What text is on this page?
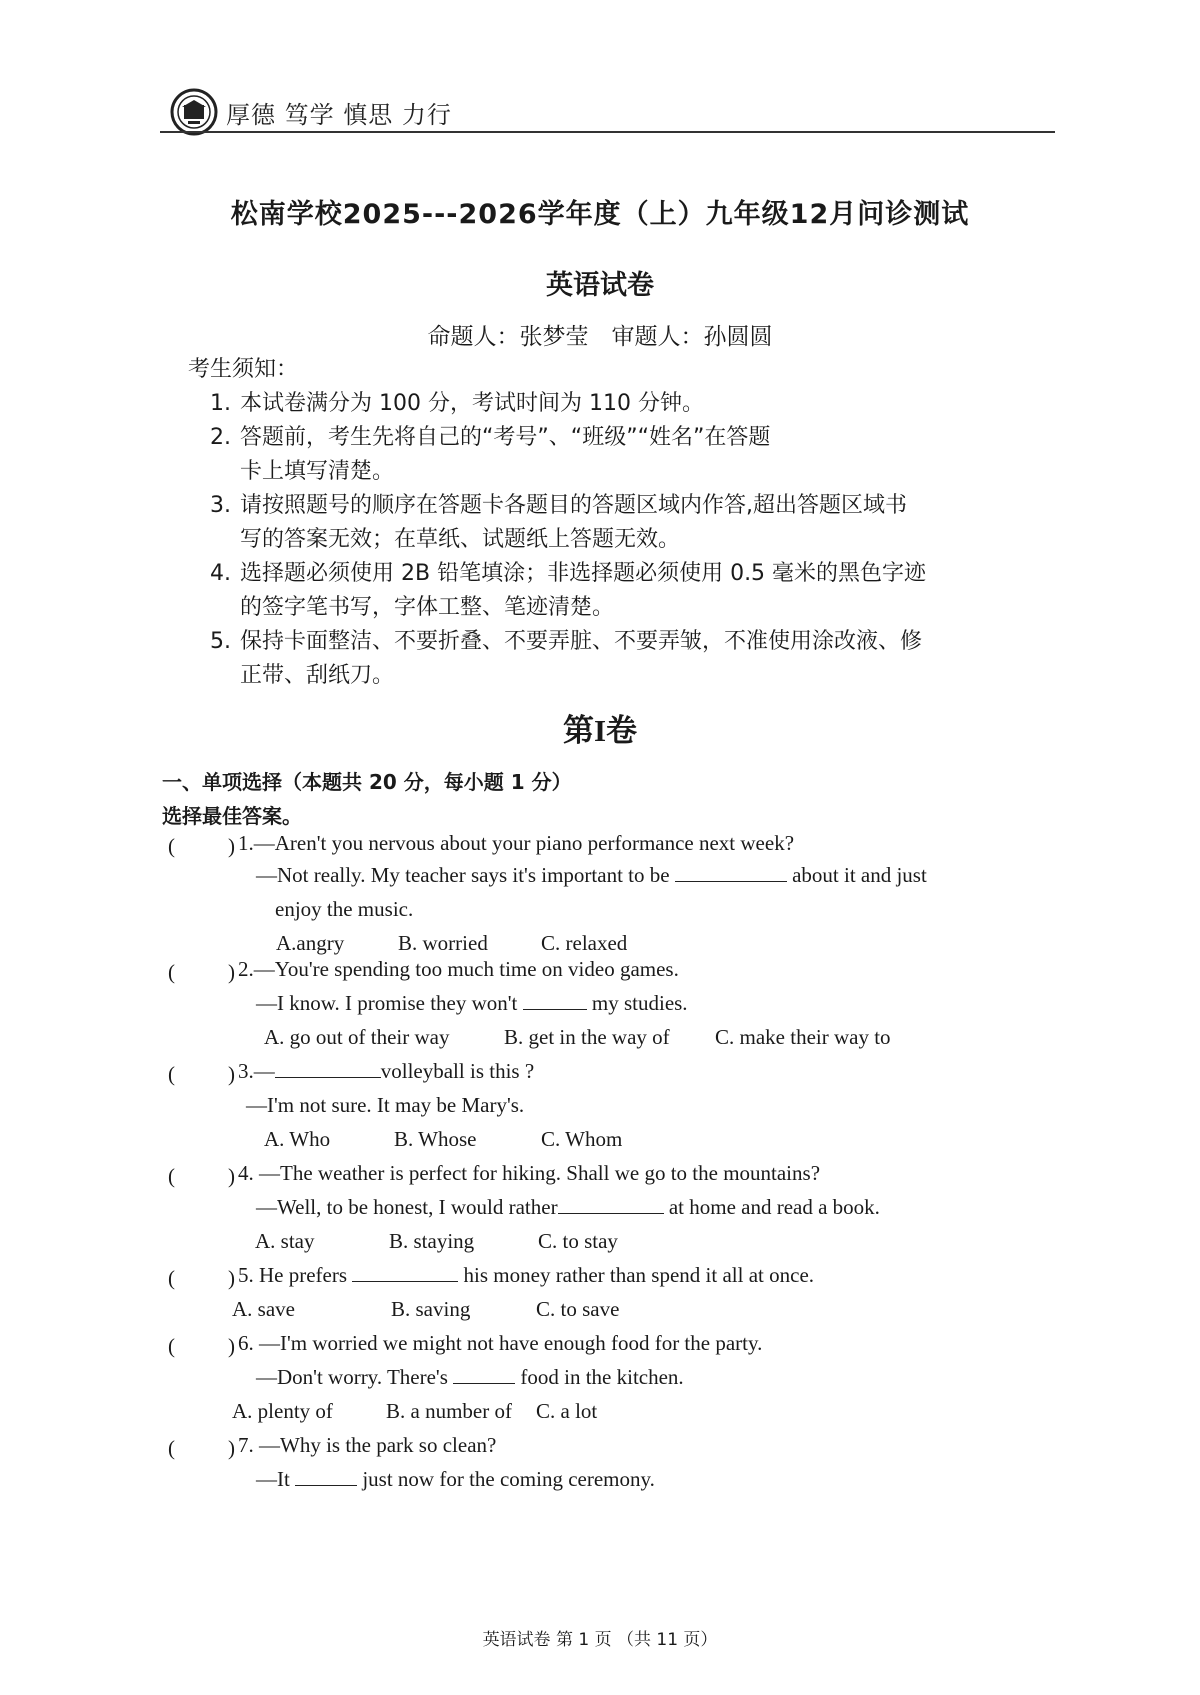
厚德 笃学 慎思 力行
松南学校2025---2026学年度（上）九年级12月问诊测试
英语试卷
命题人：张梦莹　审题人：孙圆圆
考生须知：
1. 本试卷满分为 100 分，考试时间为 110 分钟。
2. 答题前，考生先将自己的“考号”、“班级”“姓名”在答题
卡上填写清楚。
3. 请按照题号的顺序在答题卡各题目的答题区域内作答,超出答题区域书
写的答案无效；在草纸、试题纸上答题无效。
4. 选择题必须使用 2B 铅笔填涂；非选择题必须使用 0.5 毫米的黑色字迹
的签字笔书写，字体工整、笔迹清楚。
5. 保持卡面整洁、不要折叠、不要弄脏、不要弄皱，不准使用涂改液、修
正带、刮纸刀。
第I卷
一、单项选择（本题共 20 分，每小题 1 分）
选择最佳答案。
(	) 1.—Aren't you nervous about your piano performance next week?
—Not really. My teacher says it's important to be	about it and just
enjoy the music.
A.angry	B. worried	C. relaxed
(	) 2.—You're spending too much time on video games.
—I know. I promise they won't	my studies.
A. go out of their way	B. get in the way of C. make their way to
(	) 3.—	volleyball is this ?
—I'm not sure. It may be Mary's.
A. Who	B. Whose	C. Whom
(	) 4. —The weather is perfect for hiking. Shall we go to the mountains?
—Well, to be honest, I would rather	at home and read a book.
A. stay	B. staying	C. to stay
(	) 5. He prefers	his money rather than spend it all at once.
A. save	B. saving	C. to save
(	) 6. —I'm worried we might not have enough food for the party.
—Don't worry. There's	food in the kitchen.
A. plenty of	B. a number of C. a lot
(	) 7. —Why is the park so clean?
—It	just now for the coming ceremony.
英语试卷 第 1 页 （共 11 页）
